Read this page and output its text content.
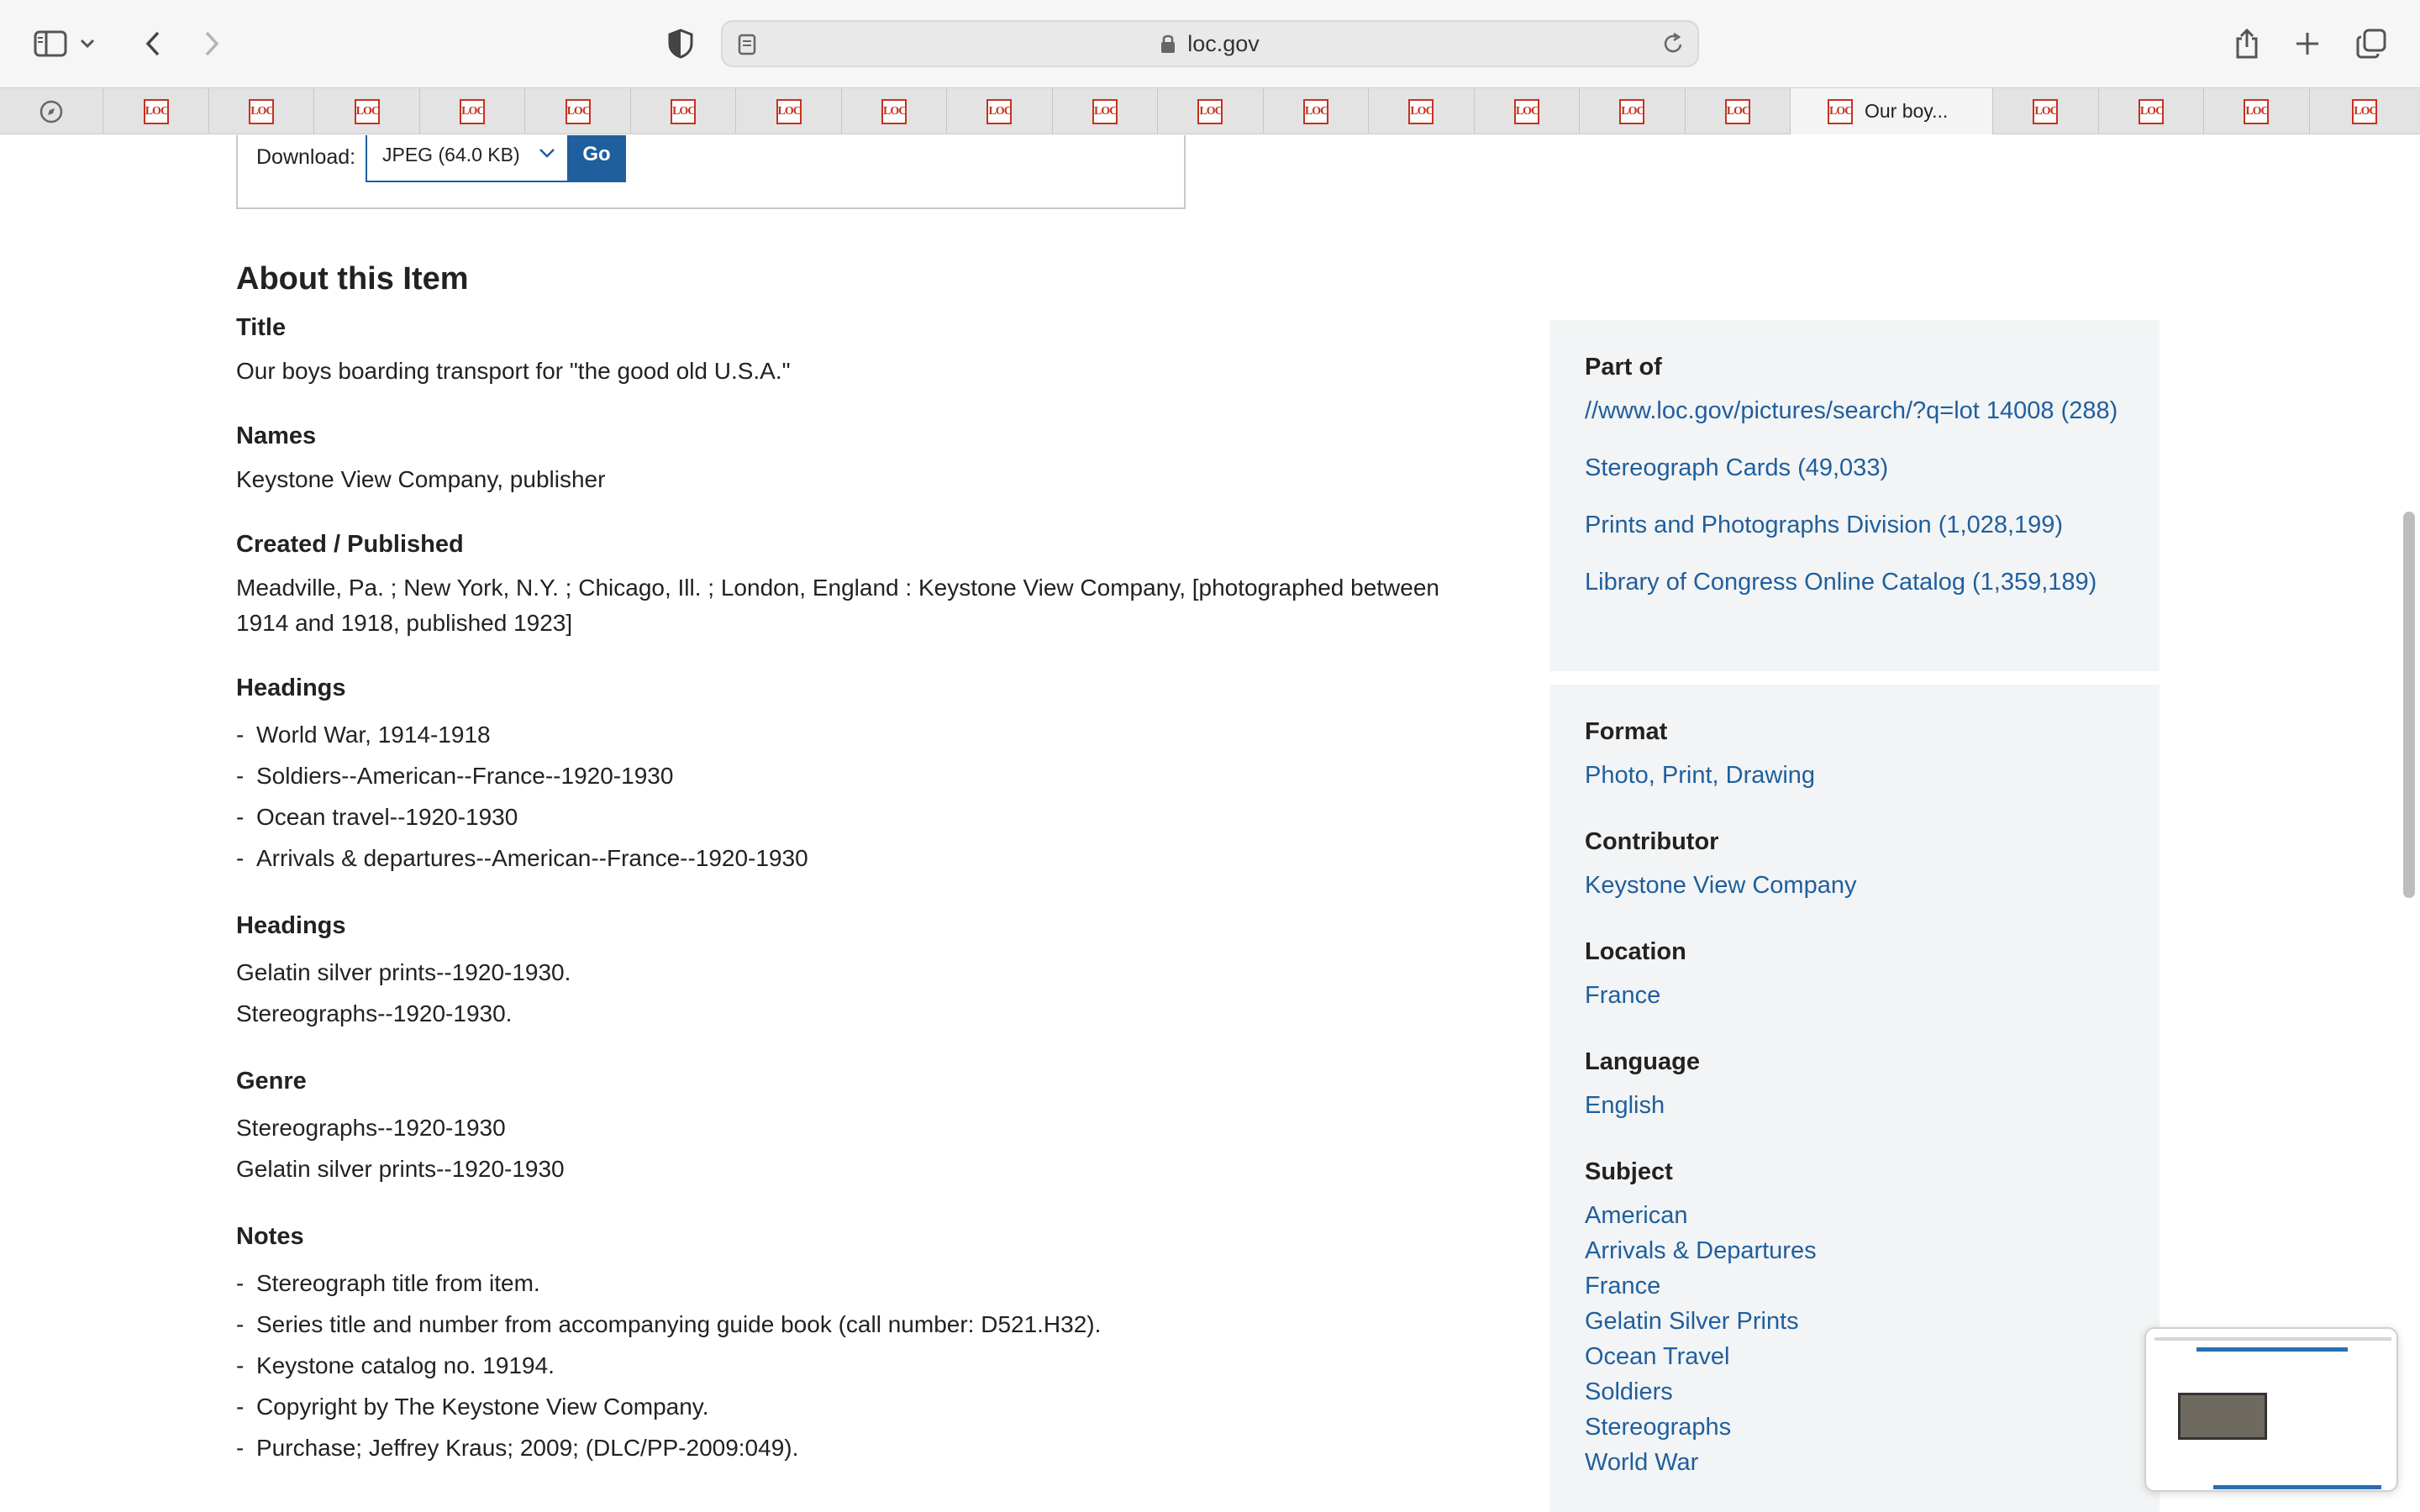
loc.gov
LOC	LOC	LOC	LOC	LOC	LOC	LOC	LOC	LOC	LOC	LOC	LOC	LOC	LOC	LOC	LOC	LOC Our boy...	LOC	LOC	LOC	LOC
Download: JPEG (64.0 KB)	Go
About this Item
Title

Our boys boarding transport for "the good old U.S.A."

Names

Keystone View Company, publisher

Created / Published

Meadville, Pa. ; New York, N.Y. ; Chicago, Ill. ; London, England : Keystone View Company, [photographed between 1914 and 1918, published 1923]

Headings
- World War, 1914-1918
- Soldiers--American--France--1920-1930
- Ocean travel--1920-1930
- Arrivals & departures--American--France--1920-1930
Headings
Gelatin silver prints--1920-1930.
Stereographs--1920-1930.
Genre
Stereographs--1920-1930
Gelatin silver prints--1920-1930
Notes
- Stereograph title from item.
- Series title and number from accompanying guide book (call number: D521.H32).
- Keystone catalog no. 19194.
- Copyright by The Keystone View Company.
- Purchase; Jeffrey Kraus; 2009; (DLC/PP-2009:049).
Part of
//www.loc.gov/pictures/search/?q=lot 14008 (288)
Stereograph Cards (49,033)
Prints and Photographs Division (1,028,199)
Library of Congress Online Catalog (1,359,189)
Format
Photo, Print, Drawing
Contributor
Keystone View Company
Location
France
Language
English
Subject
American
Arrivals & Departures
France
Gelatin Silver Prints
Ocean Travel
Soldiers
Stereographs
World War
